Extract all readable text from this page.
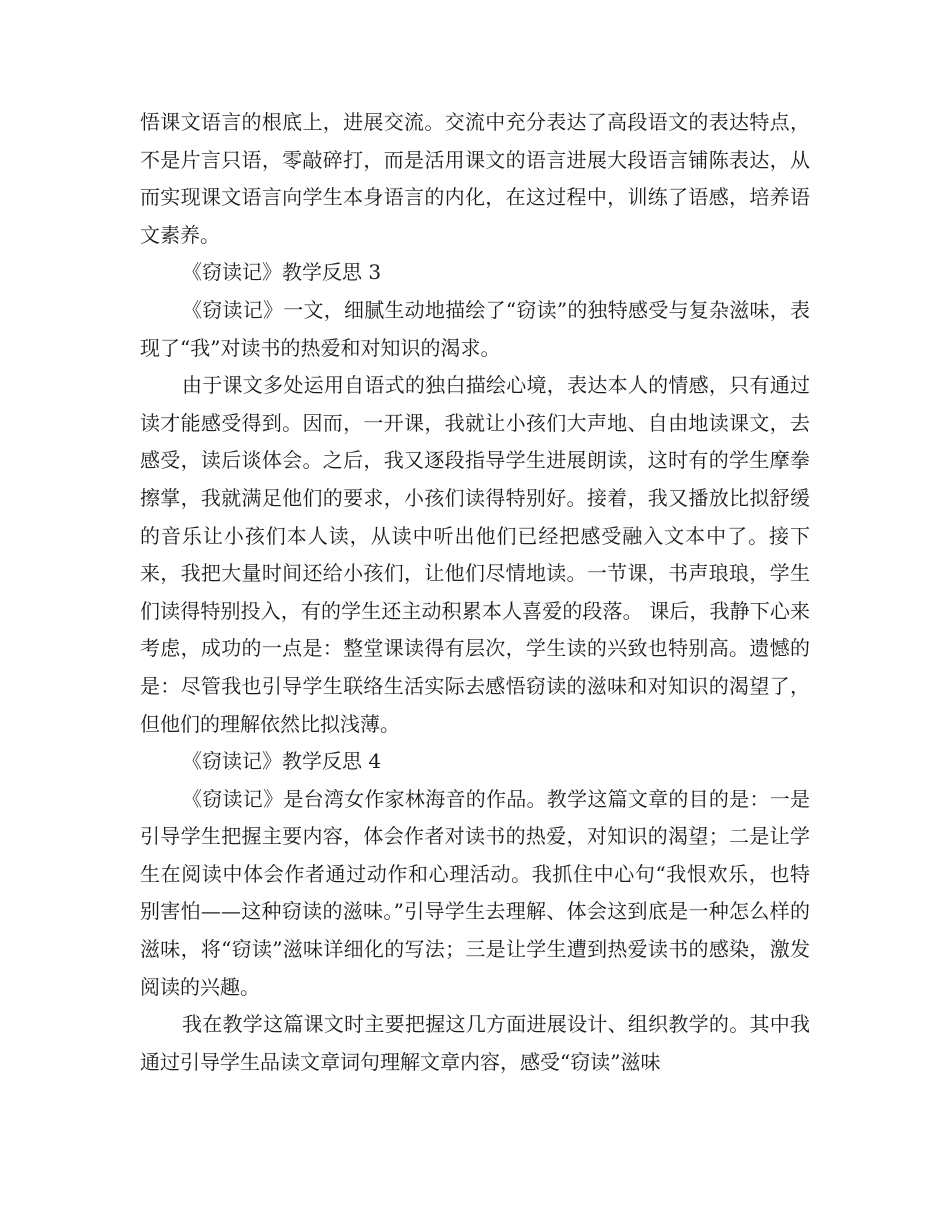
悟课文语言的根底上，进展交流。交流中充分表达了高段语文的表达特点，不是片言只语，零敲碎打，而是活用课文的语言进展大段语言铺陈表达，从而实现课文语言向学生本身语言的内化，在这过程中，训练了语感，培养语文素养。

《窃读记》教学反思 3

《窃读记》一文，细腻生动地描绘了“窃读”的独特感受与复杂滋味，表现了“我”对读书的热爱和对知识的渴求。

由于课文多处运用自语式的独白描绘心境，表达本人的情感，只有通过读才能感受得到。因而，一开课，我就让小孩们大声地、自由地读课文，去感受，读后谈体会。之后，我又逐段指导学生进展朗读，这时有的学生摩拳擦掌，我就满足他们的要求，小孩们读得特别好。接着，我又播放比拟舒缓的音乐让小孩们本人读，从读中听出他们已经把感受融入文本中了。接下来，我把大量时间还给小孩们，让他们尽情地读。一节课，书声琅琅，学生们读得特别投入，有的学生还主动积累本人喜爱的段落。 课后，我静下心来考虑，成功的一点是：整堂课读得有层次，学生读的兴致也特别高。遗憾的是：尽管我也引导学生联络生活实际去感悟窃读的滋味和对知识的渴望了，但他们的理解依然比拟浅薄。

《窃读记》教学反思 4

《窃读记》是台湾女作家林海音的作品。教学这篇文章的目的是：一是引导学生把握主要内容，体会作者对读书的热爱，对知识的渴望；二是让学生在阅读中体会作者通过动作和心理活动。我抓住中心句“我恨欢乐，也特别害怕——这种窃读的滋味。”引导学生去理解、体会这到底是一种怎么样的滋味，将“窃读”滋味详细化的写法；三是让学生遭到热爱读书的感染，激发阅读的兴趣。

我在教学这篇课文时主要把握这几方面进展设计、组织教学的。其中我通过引导学生品读文章词句理解文章内容，感受“窃读”滋味
